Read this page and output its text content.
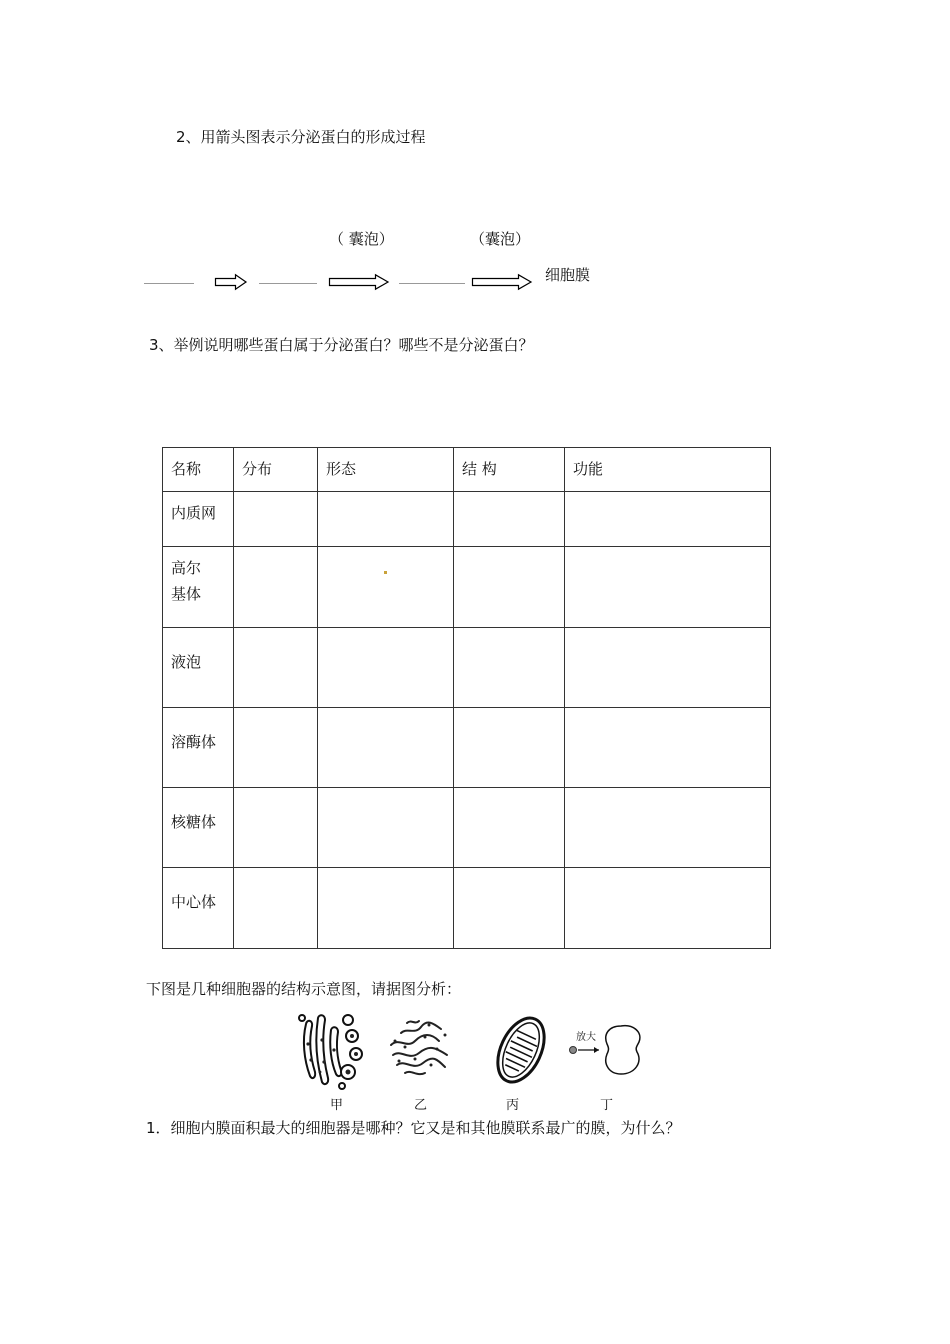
2、用箭头图表示分泌蛋白的形成过程
（ 囊泡）	（囊泡）
细胞膜
3、举例说明哪些蛋白属于分泌蛋白？哪些不是分泌蛋白？
名称	分布	形态	结 构	功能
内质网				
高尔
基体		

液泡				
溶酶体				
核糖体				
中心体				
下图是几种细胞器的结构示意图，请据图分析：
放大
甲	乙	丙	丁
1．细胞内膜面积最大的细胞器是哪种？它又是和其他膜联系最广的膜，为什么？
